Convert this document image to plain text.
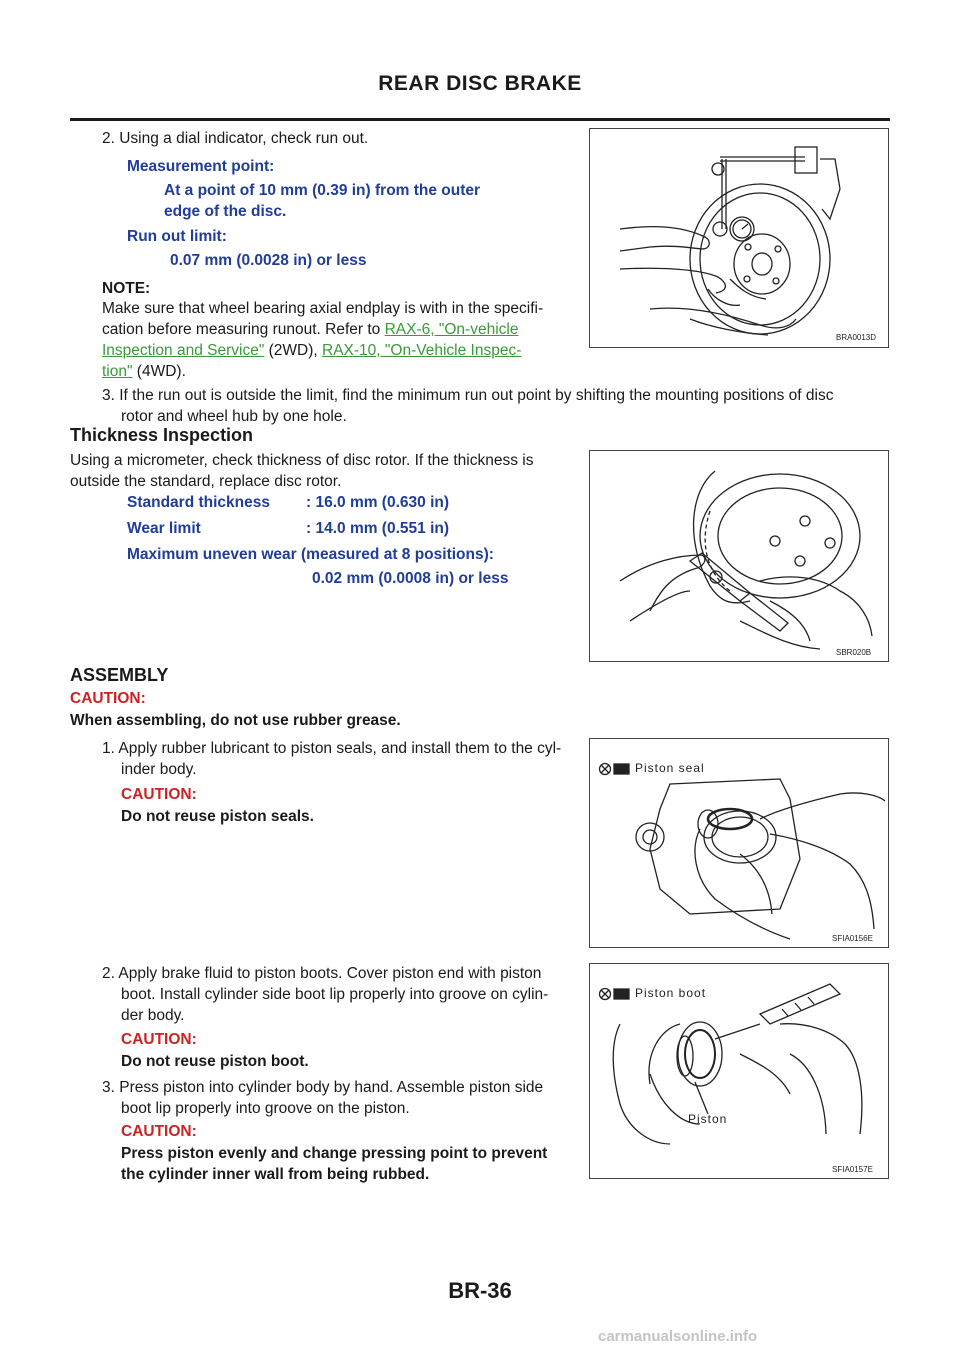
REAR DISC BRAKE
2. Using a dial indicator, check run out.
Measurement point:
At a point of 10 mm (0.39 in) from the outer
edge of the disc.
Run out limit:
0.07 mm (0.0028 in) or less
NOTE:
Make sure that wheel bearing axial endplay is with in the specifi-
cation before measuring runout. Refer to RAX-6, "On-vehicle
Inspection and Service" (2WD), RAX-10, "On-Vehicle Inspec-
tion" (4WD).
3. If the run out is outside the limit, find the minimum run out point by shifting the mounting positions of disc
rotor and wheel hub by one hole.
BRA0013D
Thickness Inspection
Using a micrometer, check thickness of disc rotor. If the thickness is
outside the standard, replace disc rotor.
Standard thickness : 16.0 mm (0.630 in)
Wear limit	: 14.0 mm (0.551 in)
Maximum uneven wear (measured at 8 positions):
0.02 mm (0.0008 in) or less
SBR020B
ASSEMBLY
CAUTION:
When assembling, do not use rubber grease.
1. Apply rubber lubricant to piston seals, and install them to the cyl-
inder body.
CAUTION:
Do not reuse piston seals.
Piston seal
SFIA0156E
2. Apply brake fluid to piston boots. Cover piston end with piston
boot. Install cylinder side boot lip properly into groove on cylin-
der body.
CAUTION:
Do not reuse piston boot.
3. Press piston into cylinder body by hand. Assemble piston side
boot lip properly into groove on the piston.
CAUTION:
Press piston evenly and change pressing point to prevent
the cylinder inner wall from being rubbed.
Piston boot
Piston
SFIA0157E
BR-36
carmanualsonline.info
